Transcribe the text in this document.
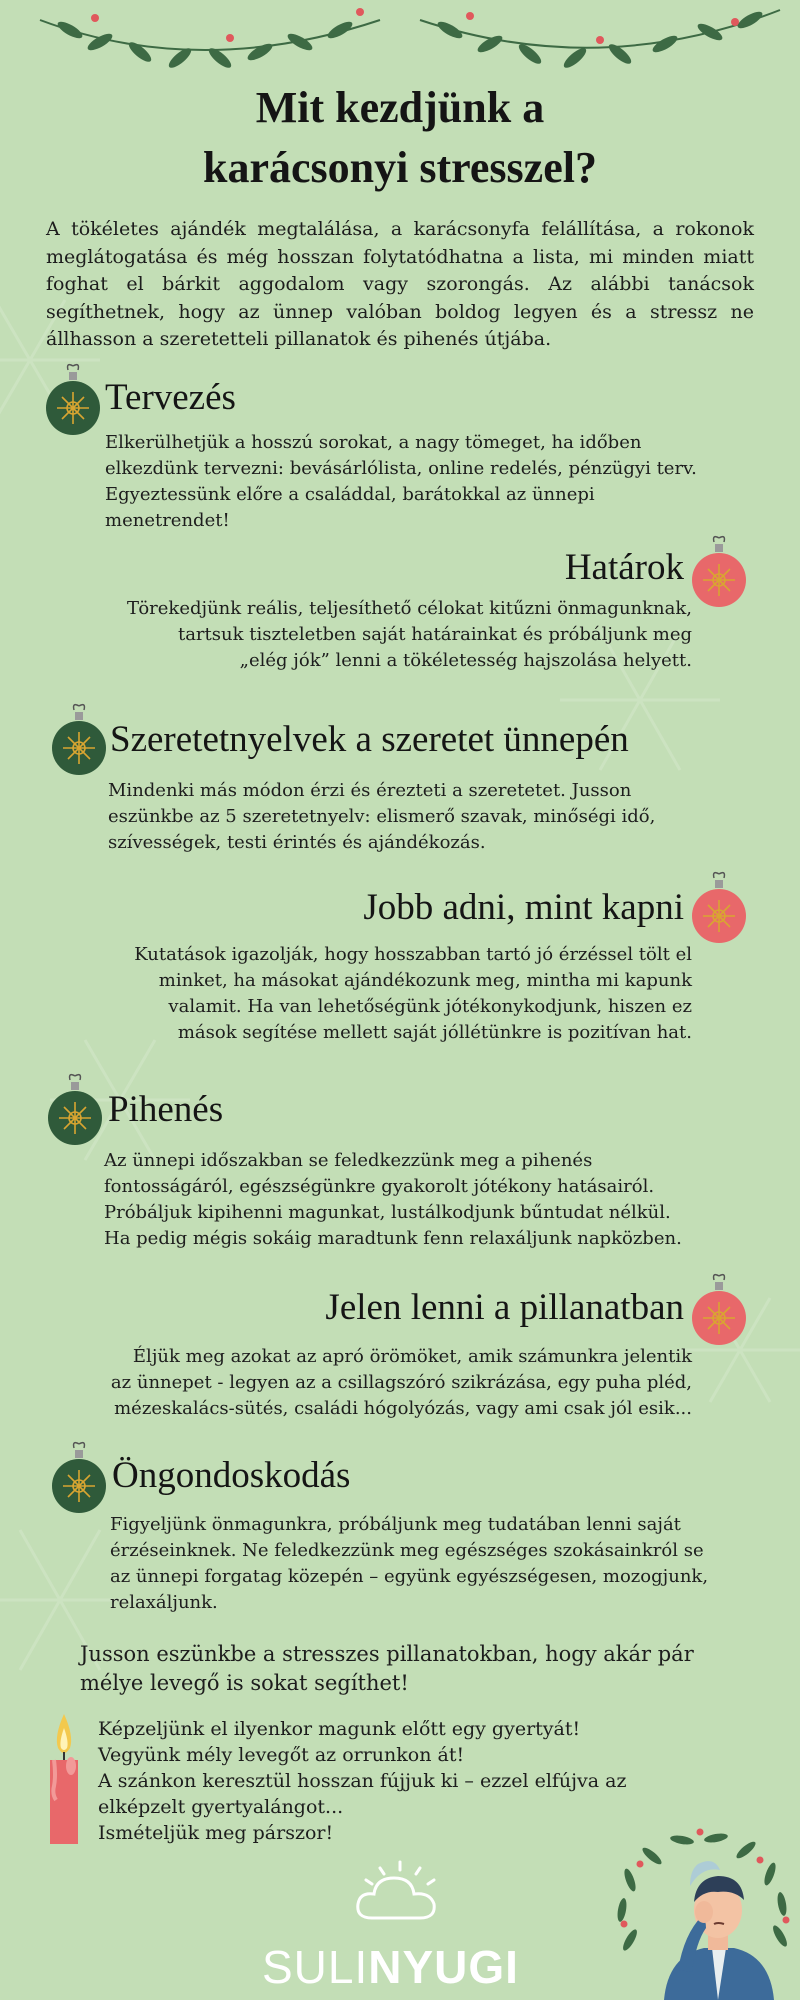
Mit kezdjünk a
karácsonyi stresszel?

A tökéletes ajándék megtalálása, a karácsonyfa felállítása, a rokonok meglátogatása és még hosszan folytatódhatna a lista, mi minden miatt foghat el bárkit aggodalom vagy szorongás. Az alábbi tanácsok segíthetnek, hogy az ünnep valóban boldog legyen és a stressz ne állhasson a szeretetteli pillanatok és pihenés útjába.

Tervezés
Elkerülhetjük a hosszú sorokat, a nagy tömeget, ha időben
elkezdünk tervezni: bevásárlólista, online redelés, pénzügyi terv.
Egyeztessünk előre a családdal, barátokkal az ünnepi
menetrendet!
Határok
Törekedjünk reális, teljesíthető célokat kitűzni önmagunknak,
tartsuk tiszteletben saját határainkat és próbáljunk meg
„elég jók” lenni a tökéletesség hajszolása helyett.
Szeretetnyelvek a szeretet ünnepén
Mindenki más módon érzi és érezteti a szeretetet. Jusson
eszünkbe az 5 szeretetnyelv: elismerő szavak, minőségi idő,
szívességek, testi érintés és ajándékozás.
Jobb adni, mint kapni
Kutatások igazolják, hogy hosszabban tartó jó érzéssel tölt el
minket, ha másokat ajándékozunk meg, mintha mi kapunk
valamit. Ha van lehetőségünk jótékonykodjunk, hiszen ez
mások segítése mellett saját jóllétünkre is pozitívan hat.
Pihenés
Az ünnepi időszakban se feledkezzünk meg a pihenés
fontosságáról, egészségünkre gyakorolt jótékony hatásairól.
Próbáljuk kipihenni magunkat, lustálkodjunk bűntudat nélkül.
Ha pedig mégis sokáig maradtunk fenn relaxáljunk napközben.
Jelen lenni a pillanatban
Éljük meg azokat az apró örömöket, amik számunkra jelentik
az ünnepet - legyen az a csillagszóró szikrázása, egy puha pléd,
mézeskalács-sütés, családi hógolyózás, vagy ami csak jól esik...
Öngondoskodás
Figyeljünk önmagunkra, próbáljunk meg tudatában lenni saját
érzéseinknek. Ne feledkezzünk meg egészséges szokásainkról se
az ünnepi forgatag közepén – együnk egyészségesen, mozogjunk,
relaxáljunk.

Jusson eszünkbe a stresszes pillanatokban, hogy akár pár
mélye levegő is sokat segíthet!

Képzeljünk el ilyenkor magunk előtt egy gyertyát!
Vegyünk mély levegőt az orrunkon át!
A szánkon keresztül hosszan fújjuk ki – ezzel elfújva az
elképzelt gyertyalángot...
Ismételjük meg párszor!
SULINYUGI
